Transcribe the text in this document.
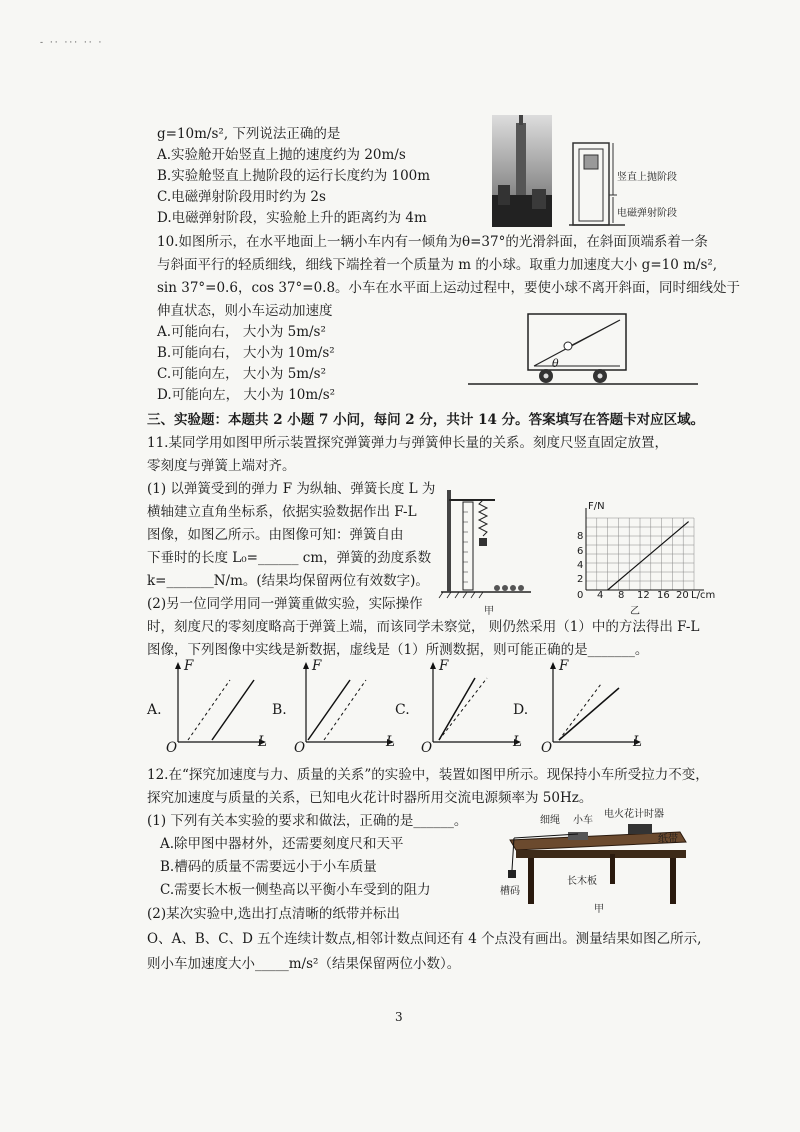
- ·· ··· ·· ·
g=10m/s², 下列说法正确的是
A.实验舱开始竖直上抛的速度约为 20m/s
B.实验舱竖直上抛阶段的运行长度约为 100m
C.电磁弹射阶段用时约为 2s
D.电磁弹射阶段，实验舱上升的距离约为 4m
竖直上抛阶段
电磁弹射阶段
10.如图所示，在水平地面上一辆小车内有一倾角为θ=37°的光滑斜面，在斜面顶端系着一条
与斜面平行的轻质细线，细线下端拴着一个质量为 m 的小球。取重力加速度大小 g=10 m/s²,
sin 37°=0.6，cos 37°=0.8。小车在水平面上运动过程中，要使小球不离开斜面，同时细线处于
伸直状态，则小车运动加速度
A.可能向右， 大小为 5m/s²
B.可能向右， 大小为 10m/s²
C.可能向左， 大小为 5m/s²
D.可能向左， 大小为 10m/s²
θ
三、实验题：本题共 2 小题 7 小问，每问 2 分，共计 14 分。答案填写在答题卡对应区域。
11.某同学用如图甲所示装置探究弹簧弹力与弹簧伸长量的关系。刻度尺竖直固定放置，
零刻度与弹簧上端对齐。
(1) 以弹簧受到的弹力 F 为纵轴、弹簧长度 L 为
横轴建立直角坐标系，依据实验数据作出 F-L
图像，如图乙所示。由图像可知：弹簧自由
下垂时的长度 L₀=______ cm，弹簧的劲度系数
k=_______N/m。(结果均保留两位有效数字)。
(2)另一位同学用同一弹簧重做实验，实际操作
时，刻度尺的零刻度略高于弹簧上端，而该同学未察觉， 则仍然采用（1）中的方法得出 F-L
图像，下列图像中实线是新数据，虚线是（1）所测数据，则可能正确的是_______。
甲
F/N
L/cm
8
6
4
2
0 4 8 12 16 20
乙
A.
F
L
O
B.
F
L
O
C.
F
L
O
D.
F
L
O
12.在“探究加速度与力、质量的关系”的实验中，装置如图甲所示。现保持小车所受拉力不变，
探究加速度与质量的关系，已知电火花计时器所用交流电源频率为 50Hz。
(1) 下列有关本实验的要求和做法，正确的是______。
A.除甲图中器材外，还需要刻度尺和天平
B.槽码的质量不需要远小于小车质量
C.需要长木板一侧垫高以平衡小车受到的阻力
(2)某次实验中,选出打点清晰的纸带并标出
O、A、B、C、D 五个连续计数点,相邻计数点间还有 4 个点没有画出。测量结果如图乙所示,
则小车加速度大小_____m/s²（结果保留两位小数）。
电火花计时器
细绳 小车
纸带
长木板
槽码
甲
3
